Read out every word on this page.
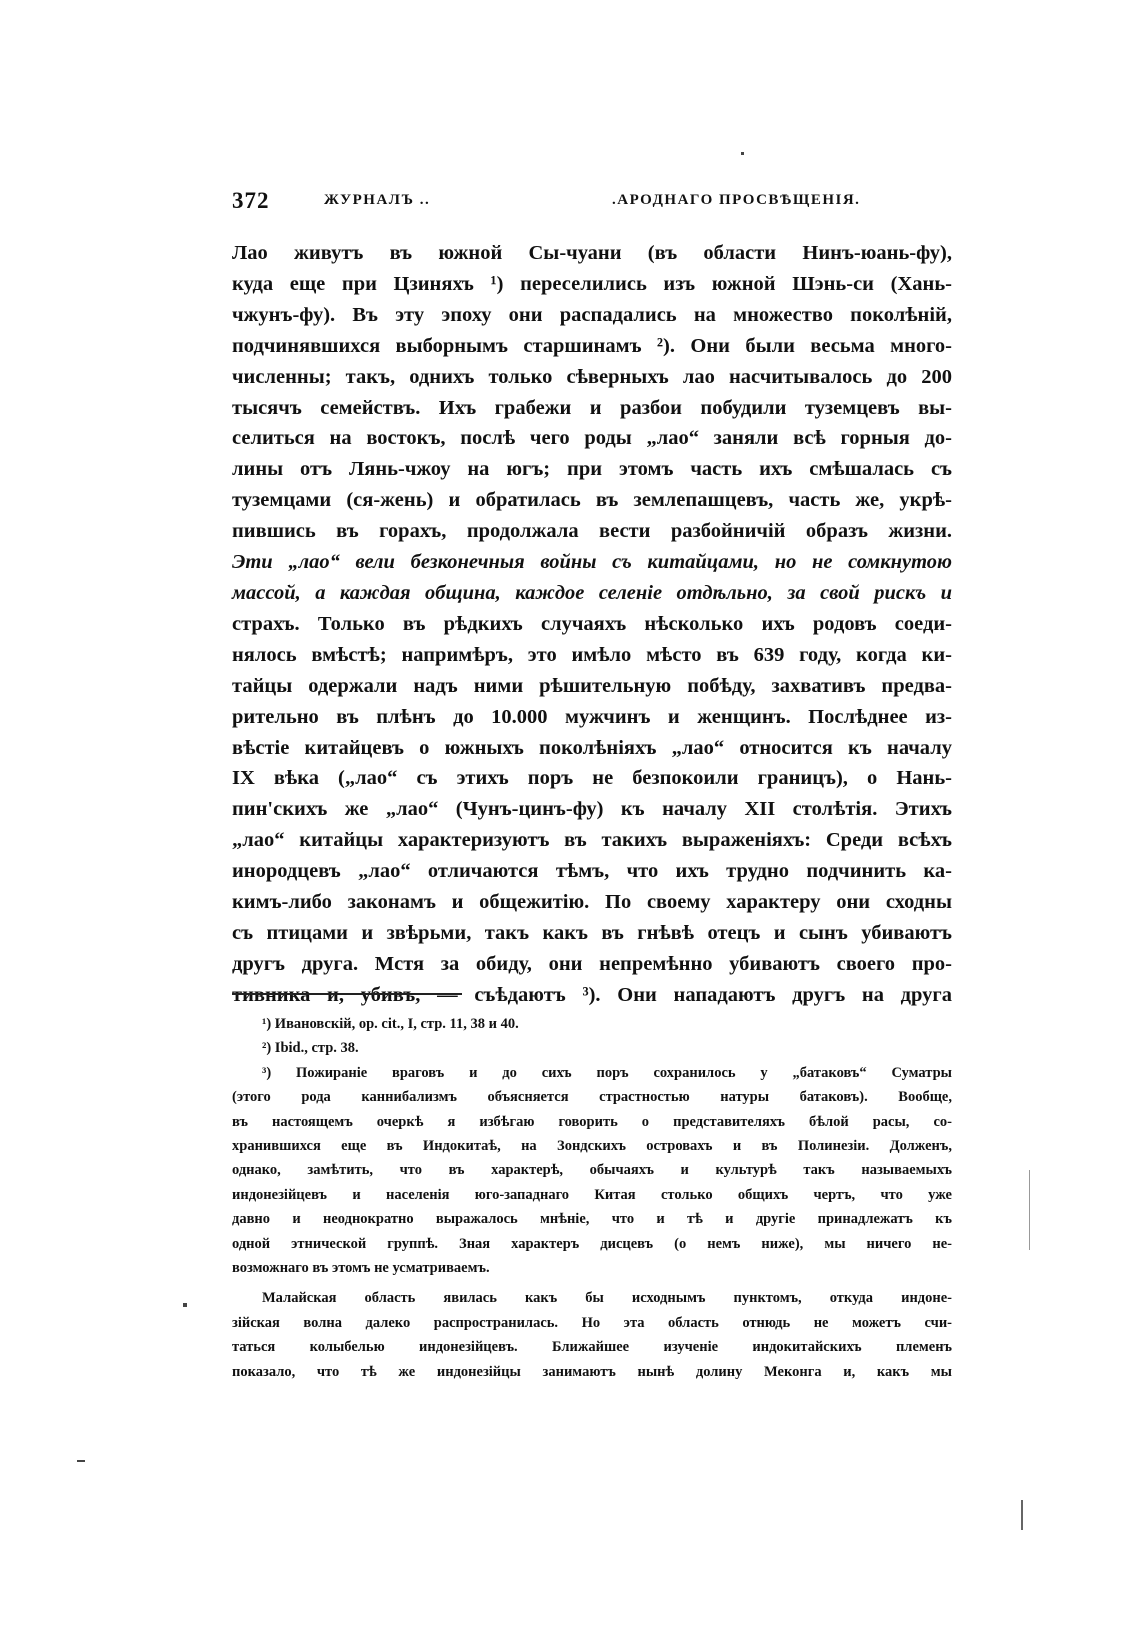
372	ЖУРНАЛЪ ..	.АРОДНАГО ПРОСВѢЩЕНІЯ.
Лао живутъ въ южной Сы-чуани (въ области Нинъ-юань-фу),
куда еще при Цзиняхъ ¹) переселились изъ южной Шэнь-си (Хань-
чжунъ-фу). Въ эту эпоху они распадались на множество поколѣній,
подчинявшихся выборнымъ старшинамъ ²). Они были весьма много-
численны; такъ, однихъ только сѣверныхъ лао насчитывалось до 200
тысячъ семействъ. Ихъ грабежи и разбои побудили туземцевъ вы-
селиться на востокъ, послѣ чего роды „лао“ заняли всѣ горныя до-
лины отъ Лянь-чжоу на югъ; при этомъ часть ихъ смѣшалась съ
туземцами (ся-жень) и обратилась въ землепашцевъ, часть же, укрѣ-
пившись въ горахъ, продолжала вести разбойничій образъ жизни.
Эти „лао“ вели безконечныя войны съ китайцами, но не сомкнутою
массой, а каждая община, каждое селеніе отдѣльно, за свой рискъ и
страхъ. Только въ рѣдкихъ случаяхъ нѣсколько ихъ родовъ соеди-
нялось вмѣстѣ; напримѣръ, это имѣло мѣсто въ 639 году, когда ки-
тайцы одержали надъ ними рѣшительную побѣду, захвативъ предва-
рительно въ плѣнъ до 10.000 мужчинъ и женщинъ. Послѣднее из-
вѣстіе китайцевъ о южныхъ поколѣніяхъ „лао“ относится къ началу
IX вѣка („лао“ съ этихъ поръ не безпокоили границъ), о Нань-
пин'скихъ же „лао“ (Чунъ-цинъ-фу) къ началу XII столѣтія. Этихъ
„лао“ китайцы характеризуютъ въ такихъ выраженіяхъ: Среди всѣхъ
инородцевъ „лао“ отличаются тѣмъ, что ихъ трудно подчинить ка-
кимъ-либо законамъ и общежитію. По своему характеру они сходны
съ птицами и звѣрьми, такъ какъ въ гнѣвѣ отецъ и сынъ убиваютъ
другъ друга. Мстя за обиду, они непремѣнно убиваютъ своего про-
тивника и, убивъ, — съѣдаютъ ³). Они нападаютъ другъ на друга
¹) Ивановскій, op. cit., I, стр. 11, 38 и 40.
²) Ibid., стр. 38.
³) Пожираніе враговъ и до сихъ поръ сохранилось у „батаковъ“ Суматры
(этого рода каннибализмъ объясняется страстностью натуры батаковъ). Вообще,
въ настоящемъ очеркѣ я избѣгаю говорить о представителяхъ бѣлой расы, со-
хранившихся еще въ Индокитаѣ, на Зондскихъ островахъ и въ Полинезіи. Долженъ,
однако, замѣтить, что въ характерѣ, обычаяхъ и культурѣ такъ называемыхъ
индонезійцевъ и населенія юго-западнаго Китая столько общихъ чертъ, что уже
давно и неоднократно выражалось мнѣніе, что и тѣ и другіе принадлежатъ къ
одной этнической группѣ. Зная характеръ дисцевъ (о немъ ниже), мы ничего не-
возможнаго въ этомъ не усматриваемъ.
Малайская область явилась какъ бы исходнымъ пунктомъ, откуда индоне-
зійская волна далеко распространилась. Но эта область отнюдь не можетъ счи-
таться колыбелью индонезійцевъ. Ближайшее изученіе индокитайскихъ племенъ
показало, что тѣ же индонезійцы занимаютъ нынѣ долину Меконга и, какъ мы
